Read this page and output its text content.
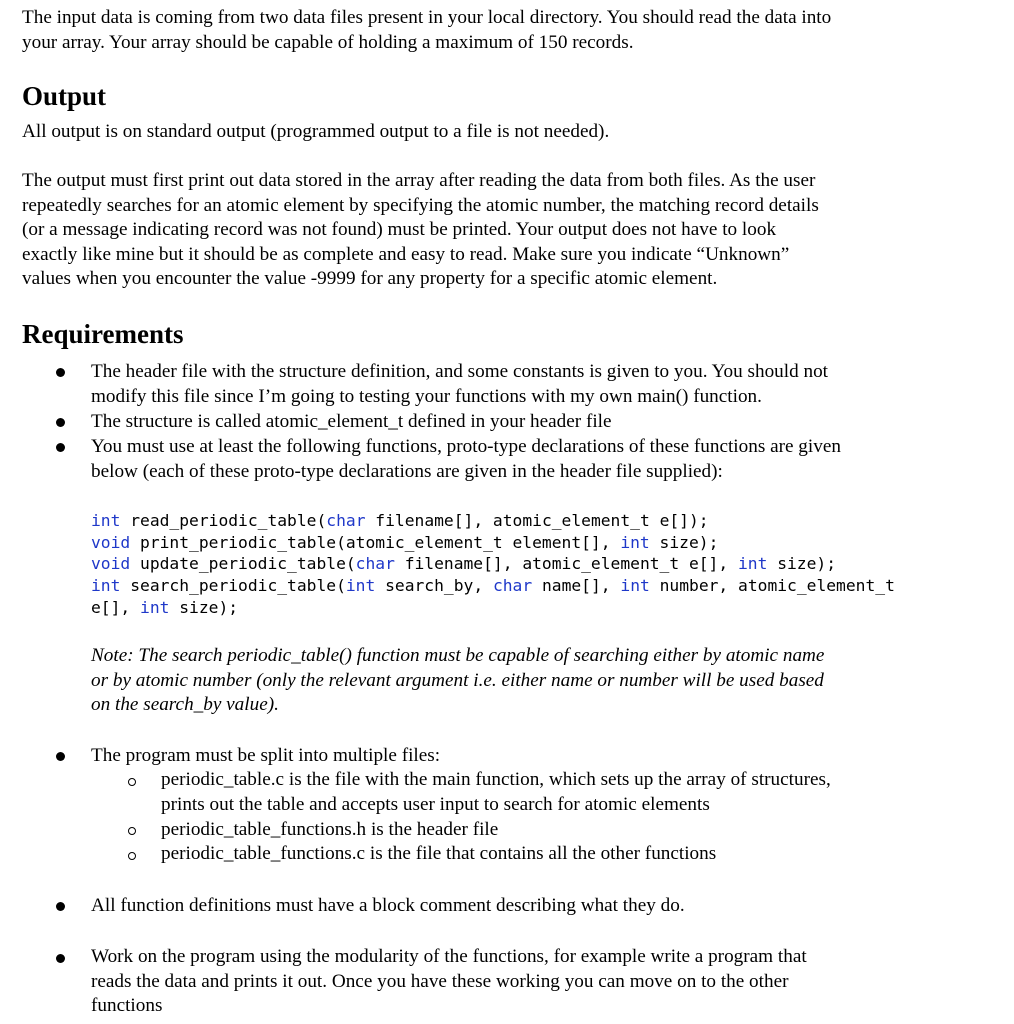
The input data is coming from two data files present in your local directory. You should read the data into
your array. Your array should be capable of holding a maximum of 150 records.

Output

All output is on standard output (programmed output to a file is not needed).

The output must first print out data stored in the array after reading the data from both files. As the user
repeatedly searches for an atomic element by specifying the atomic number, the matching record details
(or a message indicating record was not found) must be printed. Your output does not have to look
exactly like mine but it should be as complete and easy to read. Make sure you indicate “Unknown”
values when you encounter the value -9999 for any property for a specific atomic element.

Requirements

The header file with the structure definition, and some constants is given to you. You should not
modify this file since I’m going to testing your functions with my own main() function.

The structure is called atomic_element_t defined in your header file

You must use at least the following functions, proto-type declarations of these functions are given
below (each of these proto-type declarations are given in the header file supplied):

int read_periodic_table(char filename[], atomic_element_t e[]);
void print_periodic_table(atomic_element_t element[], int size);
void update_periodic_table(char filename[], atomic_element_t e[], int size);
int search_periodic_table(int search_by, char name[], int number, atomic_element_t
e[], int size);

Note: The search periodic_table() function must be capable of searching either by atomic name
or by atomic number (only the relevant argument i.e. either name or number will be used based
on the search_by value).

The program must be split into multiple files:

periodic_table.c is the file with the main function, which sets up the array of structures,
prints out the table and accepts user input to search for atomic elements

periodic_table_functions.h is the header file

periodic_table_functions.c is the file that contains all the other functions

All function definitions must have a block comment describing what they do.

Work on the program using the modularity of the functions, for example write a program that
reads the data and prints it out. Once you have these working you can move on to the other
functions
